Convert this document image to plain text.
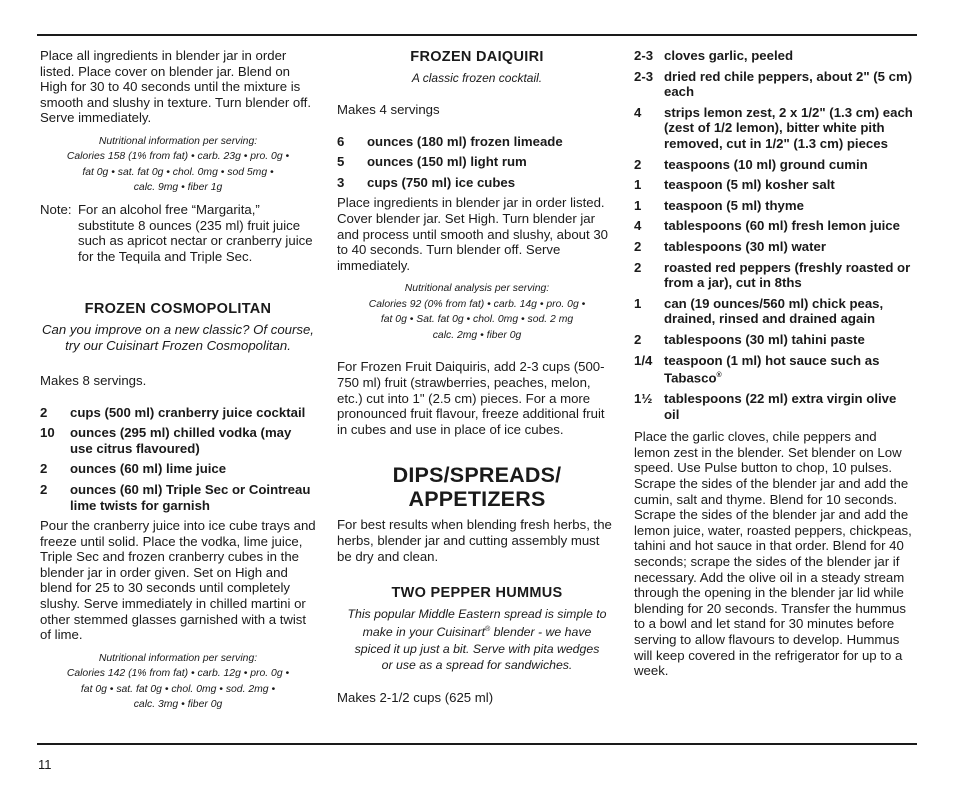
Place all ingredients in blender jar in order listed. Place cover on blender jar. Blend on High for 30 to 40 seconds until the mixture is smooth and slushy in texture. Turn blender off. Serve immediately.

Nutritional information per serving:
Calories 158 (1% from fat) • carb. 23g • pro. 0g •
fat 0g • sat. fat 0g • chol. 0mg • sod 5mg •
calc. 9mg • fiber 1g
Note: For an alcohol free “Margarita,” substitute 8 ounces (235 ml) fruit juice such as apricot nectar or cranberry juice for the Tequila and Triple Sec.
FROZEN COSMOPOLITAN
Can you improve on a new classic? Of course,
try our Cuisinart Frozen Cosmopolitan.

Makes 8 servings.

2	cups (500 ml) cranberry juice cocktail
10	ounces (295 ml) chilled vodka (may use citrus flavoured)
2	ounces (60 ml) lime juice
2	ounces (60 ml) Triple Sec or Cointreau lime twists for garnish

Pour the cranberry juice into ice cube trays and freeze until solid. Place the vodka, lime juice, Triple Sec and frozen cranberry cubes in the blender jar in order given. Set on High and blend for 25 to 30 seconds until completely slushy. Serve immediately in chilled martini or other stemmed glasses garnished with a twist of lime.

Nutritional information per serving:
Calories 142 (1% from fat) • carb. 12g • pro. 0g •
fat 0g • sat. fat 0g • chol. 0mg • sod. 2mg •
calc. 3mg • fiber 0g
FROZEN DAIQUIRI
A classic frozen cocktail.

Makes 4 servings

6	ounces (180 ml) frozen limeade
5	ounces (150 ml) light rum
3	cups (750 ml) ice cubes

Place ingredients in blender jar in order listed. Cover blender jar. Set High. Turn blender jar and process until smooth and slushy, about 30 to 40 seconds. Turn blender off. Serve immediately.

Nutritional analysis per serving:
Calories 92 (0% from fat) • carb. 14g • pro. 0g •
fat 0g • Sat. fat 0g • chol. 0mg • sod. 2 mg
calc. 2mg • fiber 0g

For Frozen Fruit Daiquiris, add 2-3 cups (500-750 ml) fruit (strawberries, peaches, melon, etc.) cut into 1" (2.5 cm) pieces. For a more pronounced fruit flavour, freeze additional fruit in cubes and use in place of ice cubes.

DIPS/SPREADS/
APPETIZERS

For best results when blending fresh herbs, the herbs, blender jar and cutting assembly must be dry and clean.

TWO PEPPER HUMMUS
This popular Middle Eastern spread is simple to
make in your Cuisinart® blender - we have
spiced it up just a bit. Serve with pita wedges
or use as a spread for sandwiches.

Makes 2-1/2 cups (625 ml)

2-3 cloves garlic, peeled
2-3 dried red chile peppers, about 2" (5 cm) each
4	strips lemon zest, 2 x 1/2" (1.3 cm) each (zest of 1/2 lemon), bitter white pith removed, cut in 1/2" (1.3 cm) pieces
2	teaspoons (10 ml) ground cumin
1	teaspoon (5 ml) kosher salt
1	teaspoon (5 ml) thyme
4	tablespoons (60 ml) fresh lemon juice
2	tablespoons (30 ml) water
2	roasted red peppers (freshly roasted or from a jar), cut in 8ths
1	can (19 ounces/560 ml) chick peas, drained, rinsed and drained again
2	tablespoons (30 ml) tahini paste
1/4 teaspoon (1 ml) hot sauce such as Tabasco®
1½ tablespoons (22 ml) extra virgin olive oil

Place the garlic cloves, chile peppers and lemon zest in the blender. Set blender on Low speed. Use Pulse button to chop, 10 pulses. Scrape the sides of the blender jar and add the cumin, salt and thyme. Blend for 10 seconds. Scrape the sides of the blender jar and add the lemon juice, water, roasted peppers, chickpeas, tahini and hot sauce in that order. Blend for 40 seconds; scrape the sides of the blender jar if necessary. Add the olive oil in a steady stream through the opening in the blender jar lid while blending for 20 seconds. Transfer the hummus to a bowl and let stand for 30 minutes before serving to allow flavours to develop. Hummus will keep covered in the refrigerator for up to a week.

11
